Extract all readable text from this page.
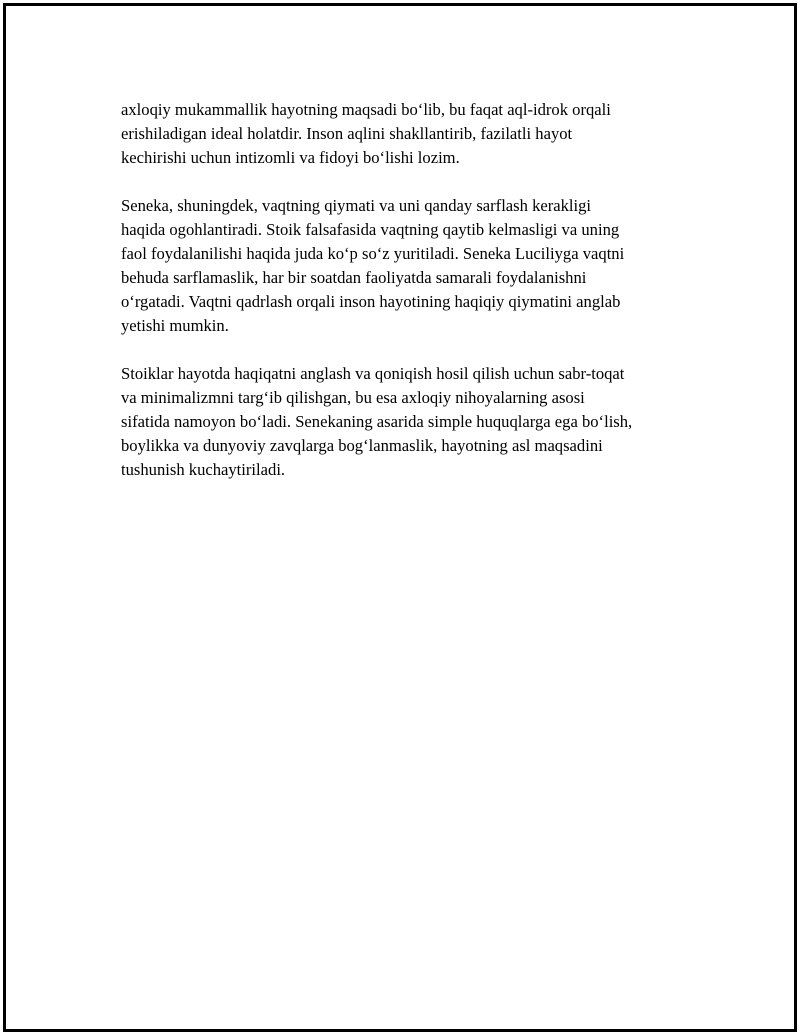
axloqiy mukammallik hayotning maqsadi bo‘lib, bu faqat aql-idrok orqali
erishiladigan ideal holatdir. Inson aqlini shakllantirib, fazilatli hayot
kechirishi uchun intizomli va fidoyi bo‘lishi lozim.

Seneka, shuningdek, vaqtning qiymati va uni qanday sarflash kerakligi
haqida ogohlantiradi. Stoik falsafasida vaqtning qaytib kelmasligi va uning
faol foydalanilishi haqida juda ko‘p so‘z yuritiladi. Seneka Luciliyga vaqtni
behuda sarflamaslik, har bir soatdan faoliyatda samarali foydalanishni
o‘rgatadi. Vaqtni qadrlash orqali inson hayotining haqiqiy qiymatini anglab
yetishi mumkin.

Stoiklar hayotda haqiqatni anglash va qoniqish hosil qilish uchun sabr-toqat
va minimalizmni targ‘ib qilishgan, bu esa axloqiy nihoyalarning asosi
sifatida namoyon bo‘ladi. Senekaning asarida simple huquqlarga ega bo‘lish,
boylikka va dunyoviy zavqlarga bog‘lanmaslik, hayotning asl maqsadini
tushunish kuchaytiriladi.
